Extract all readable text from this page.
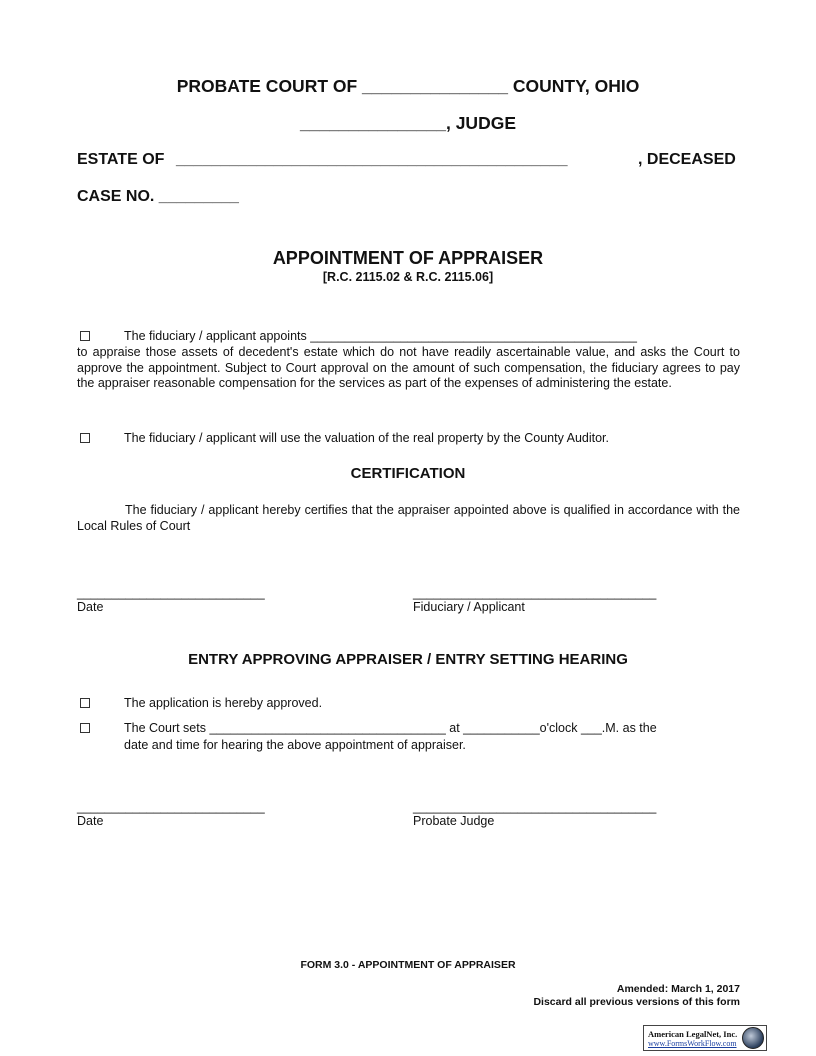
PROBATE COURT OF _______________ COUNTY, OHIO
_______________, JUDGE
ESTATE OF ____________________________________________	, DECEASED
CASE NO. _________
APPOINTMENT OF APPRAISER
[R.C. 2115.02 & R.C. 2115.06]
The fiduciary / applicant appoints _______________________________________________
to appraise those assets of decedent's estate which do not have readily ascertainable value, and asks the Court to approve the appointment. Subject to Court approval on the amount of such compensation, the fiduciary agrees to pay the appraiser reasonable compensation for the services as part of the expenses of administering the estate.
The fiduciary / applicant will use the valuation of the real property by the County Auditor.
CERTIFICATION
The fiduciary / applicant hereby certifies that the appraiser appointed above is qualified in accordance with the Local Rules of Court
___________________________
Date
___________________________________
Fiduciary / Applicant
ENTRY APPROVING APPRAISER / ENTRY SETTING HEARING
The application is hereby approved.
The Court sets __________________________________ at ___________o'clock ___.M. as the
date and time for hearing the above appointment of appraiser.
___________________________
Date
___________________________________
Probate Judge
FORM 3.0 - APPOINTMENT OF APPRAISER
Amended: March 1, 2017
Discard all previous versions of this form
American LegalNet, Inc.
www.FormsWorkFlow.com
